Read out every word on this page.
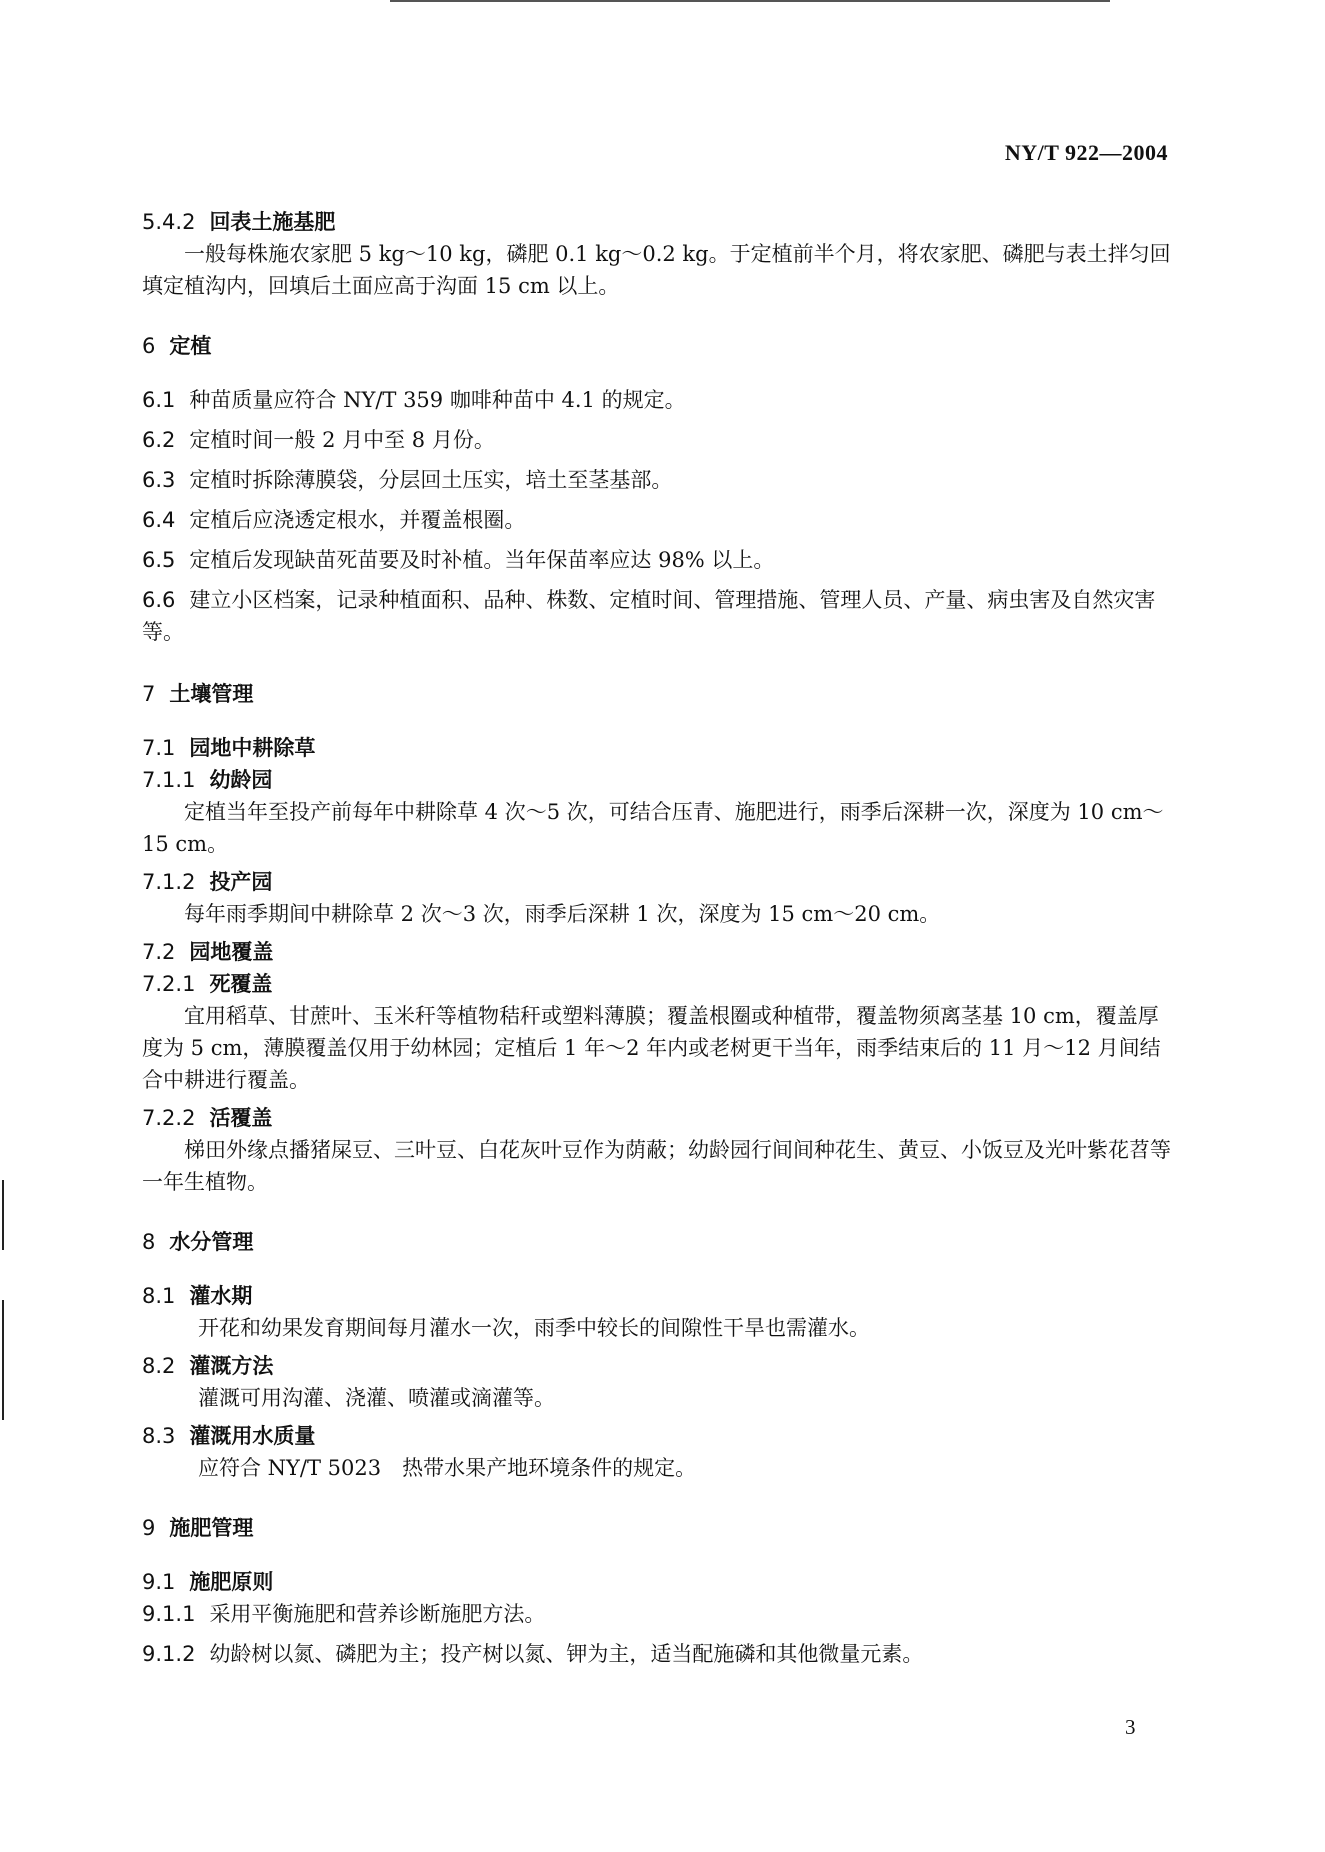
NY/T 922—2004

5.4.2 回表土施基肥

一般每株施农家肥 5 kg～10 kg，磷肥 0.1 kg～0.2 kg。于定植前半个月，将农家肥、磷肥与表土拌匀回填定植沟内，回填后土面应高于沟面 15 cm 以上。

6 定植

6.1 种苗质量应符合 NY/T 359 咖啡种苗中 4.1 的规定。

6.2 定植时间一般 2 月中至 8 月份。

6.3 定植时拆除薄膜袋，分层回土压实，培土至茎基部。

6.4 定植后应浇透定根水，并覆盖根圈。

6.5 定植后发现缺苗死苗要及时补植。当年保苗率应达 98% 以上。

6.6 建立小区档案，记录种植面积、品种、株数、定植时间、管理措施、管理人员、产量、病虫害及自然灾害等。

7 土壤管理

7.1 园地中耕除草

7.1.1 幼龄园

定植当年至投产前每年中耕除草 4 次～5 次，可结合压青、施肥进行，雨季后深耕一次，深度为 10 cm～15 cm。

7.1.2 投产园

每年雨季期间中耕除草 2 次～3 次，雨季后深耕 1 次，深度为 15 cm～20 cm。

7.2 园地覆盖

7.2.1 死覆盖

宜用稻草、甘蔗叶、玉米秆等植物秸秆或塑料薄膜；覆盖根圈或种植带，覆盖物须离茎基 10 cm，覆盖厚度为 5 cm，薄膜覆盖仅用于幼林园；定植后 1 年～2 年内或老树更干当年，雨季结束后的 11 月～12 月间结合中耕进行覆盖。

7.2.2 活覆盖

梯田外缘点播猪屎豆、三叶豆、白花灰叶豆作为荫蔽；幼龄园行间间种花生、黄豆、小饭豆及光叶紫花苕等一年生植物。

8 水分管理

8.1 灌水期

开花和幼果发育期间每月灌水一次，雨季中较长的间隙性干旱也需灌水。

8.2 灌溉方法

灌溉可用沟灌、浇灌、喷灌或滴灌等。

8.3 灌溉用水质量

应符合 NY/T 5023　热带水果产地环境条件的规定。

9 施肥管理

9.1 施肥原则

9.1.1 采用平衡施肥和营养诊断施肥方法。

9.1.2 幼龄树以氮、磷肥为主；投产树以氮、钾为主，适当配施磷和其他微量元素。

3
